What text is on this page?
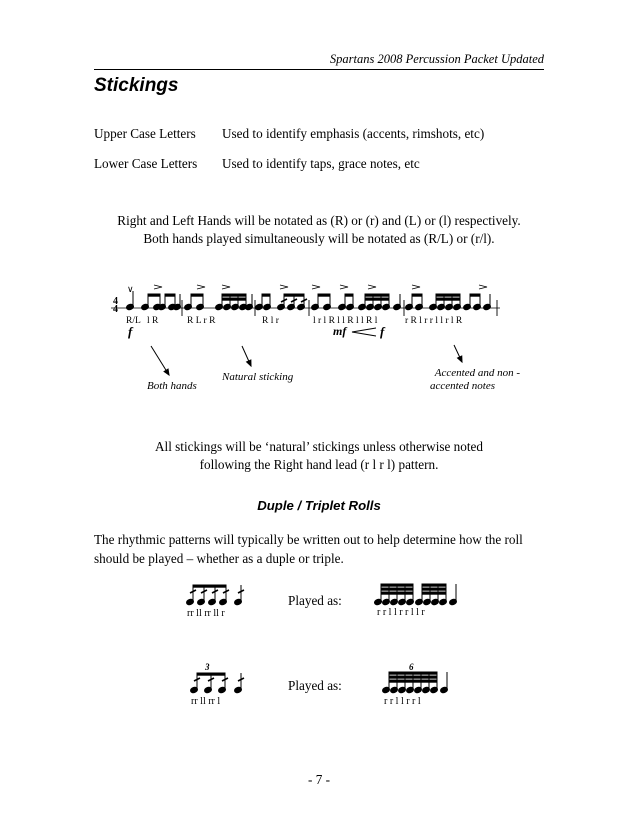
Spartans 2008 Percussion Packet Updated
Stickings
Upper Case Letters Used to identify emphasis (accents, rimshots, etc)
Lower Case Letters Used to identify taps, grace notes, etc
Right and Left Hands will be notated as (R) or (r) and (L) or (l) respectively.
Both hands played simultaneously will be notated as (R/L) or (r/l).
∨
4
4
R/L l R	R L r R	R l r	l r l R l l R l l R l	r R l r r l l r l R
f	mf	f
Both hands
Natural sticking	Accented and non -
accented notes
All stickings will be ‘natural’ stickings unless otherwise noted
following the Right hand lead (r l r l) pattern.
Duple / Triplet Rolls
The rhythmic patterns will typically be written out to help determine how the roll should be played – whether as a duple or triple.
Played as:
Played as:
rr ll rr ll r	r r l l r r l l r
3	6
rr ll rr l	r r l l r r l
- 7 -
